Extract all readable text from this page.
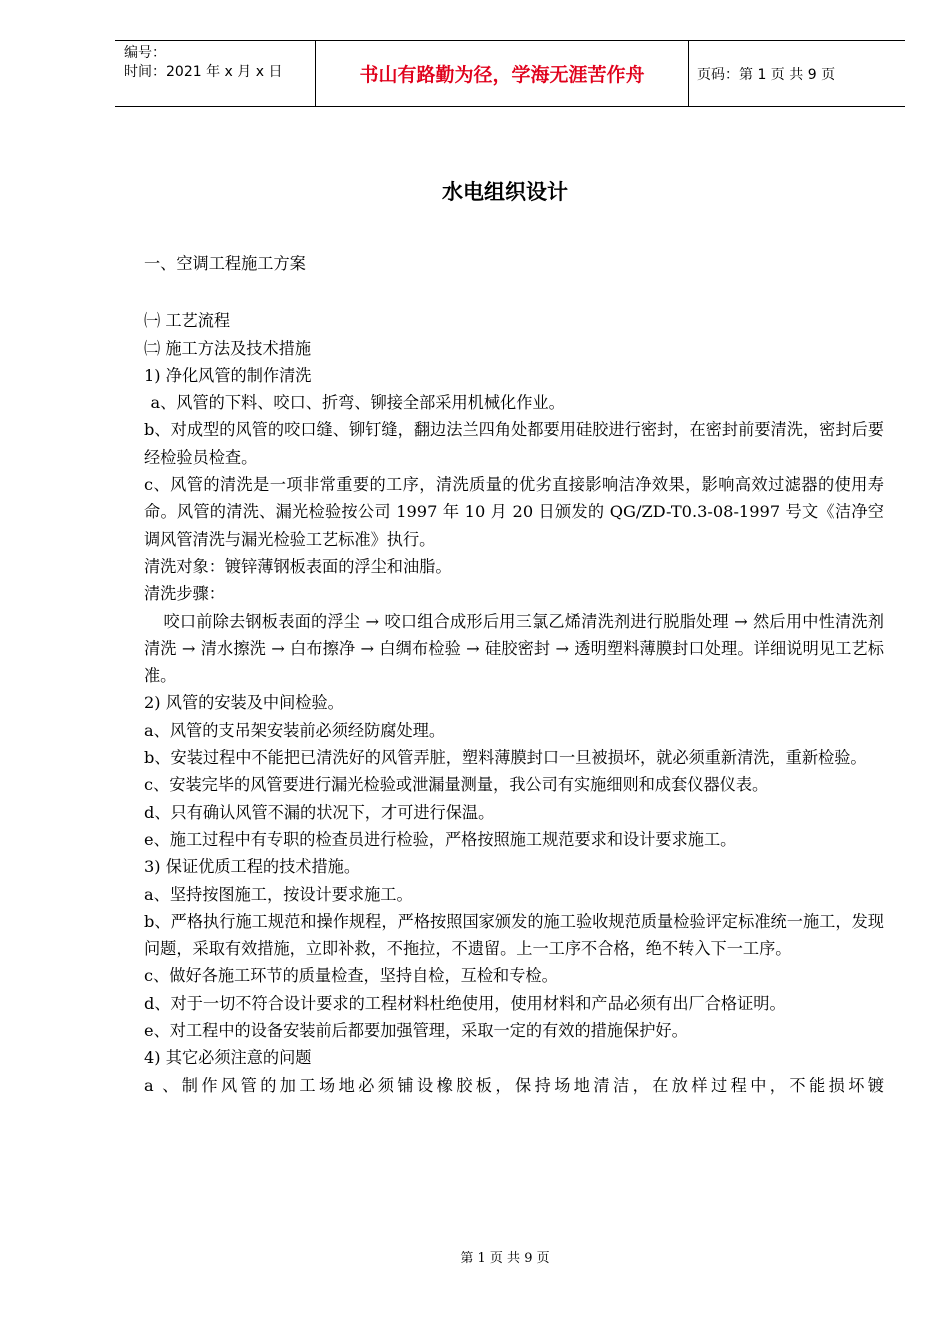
编号：
时间：2021 年 x 月 x 日	书山有路勤为径，学海无涯苦作舟	页码：第 1 页 共 9 页
水电组织设计

一、空调工程施工方案

㈠ 工艺流程

㈡ 施工方法及技术措施

1) 净化风管的制作清洗

a、风管的下料、咬口、折弯、铆接全部采用机械化作业。

b、对成型的风管的咬口缝、铆钉缝，翻边法兰四角处都要用硅胶进行密封，在密封前要清洗，密封后要经检验员检查。

c、风管的清洗是一项非常重要的工序，清洗质量的优劣直接影响洁净效果，影响高效过滤器的使用寿命。风管的清洗、漏光检验按公司 1997 年 10 月 20 日颁发的 QG/ZD-T0.3-08-1997 号文《洁净空调风管清洗与漏光检验工艺标准》执行。

清洗对象：镀锌薄钢板表面的浮尘和油脂。

清洗步骤：

咬口前除去钢板表面的浮尘 → 咬口组合成形后用三氯乙烯清洗剂进行脱脂处理 → 然后用中性清洗剂清洗 → 清水擦洗 → 白布擦净 → 白绸布检验 → 硅胶密封 → 透明塑料薄膜封口处理。详细说明见工艺标准。

2) 风管的安装及中间检验。

a、风管的支吊架安装前必须经防腐处理。

b、安装过程中不能把已清洗好的风管弄脏，塑料薄膜封口一旦被损坏，就必须重新清洗，重新检验。

c、安装完毕的风管要进行漏光检验或泄漏量测量，我公司有实施细则和成套仪器仪表。

d、只有确认风管不漏的状况下，才可进行保温。

e、施工过程中有专职的检查员进行检验，严格按照施工规范要求和设计要求施工。

3) 保证优质工程的技术措施。

a、坚持按图施工，按设计要求施工。

b、严格执行施工规范和操作规程，严格按照国家颁发的施工验收规范质量检验评定标准统一施工，发现问题，采取有效措施，立即补救，不拖拉，不遗留。上一工序不合格，绝不转入下一工序。

c、做好各施工环节的质量检查，坚持自检，互检和专检。

d、对于一切不符合设计要求的工程材料杜绝使用，使用材料和产品必须有出厂合格证明。

e、对工程中的设备安装前后都要加强管理，采取一定的有效的措施保护好。

4) 其它必须注意的问题

a 、制作风管的加工场地必须铺设橡胶板，保持场地清洁，在放样过程中，不能损坏镀

第 1 页 共 9 页
